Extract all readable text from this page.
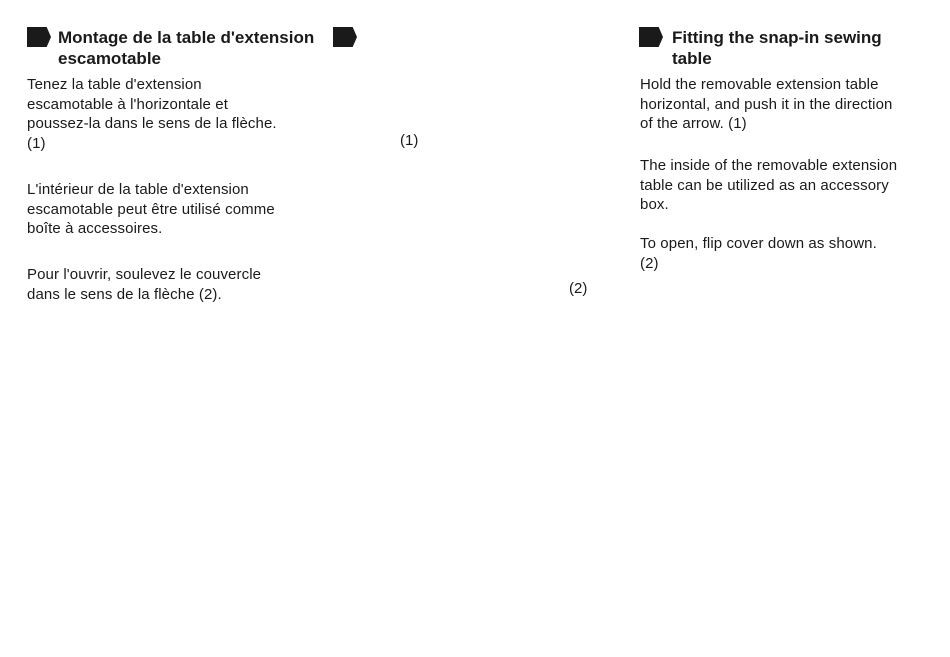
Montage de la table d'extension
escamotable

Tenez la table d'extension
escamotable à l'horizontale et
poussez-la dans le sens de la flèche.
(1)

L'intérieur de la table d'extension
escamotable peut être utilisé comme
boîte à accessoires.

Pour l'ouvrir, soulevez le couvercle
dans le sens de la flèche (2).

(1)
(2)
Fitting the snap-in sewing
table

Hold the removable extension table
horizontal, and push it in the direction
of the arrow. (1)

The inside of the removable extension
table can be utilized as an accessory
box.

To open, flip cover down as shown.
(2)
